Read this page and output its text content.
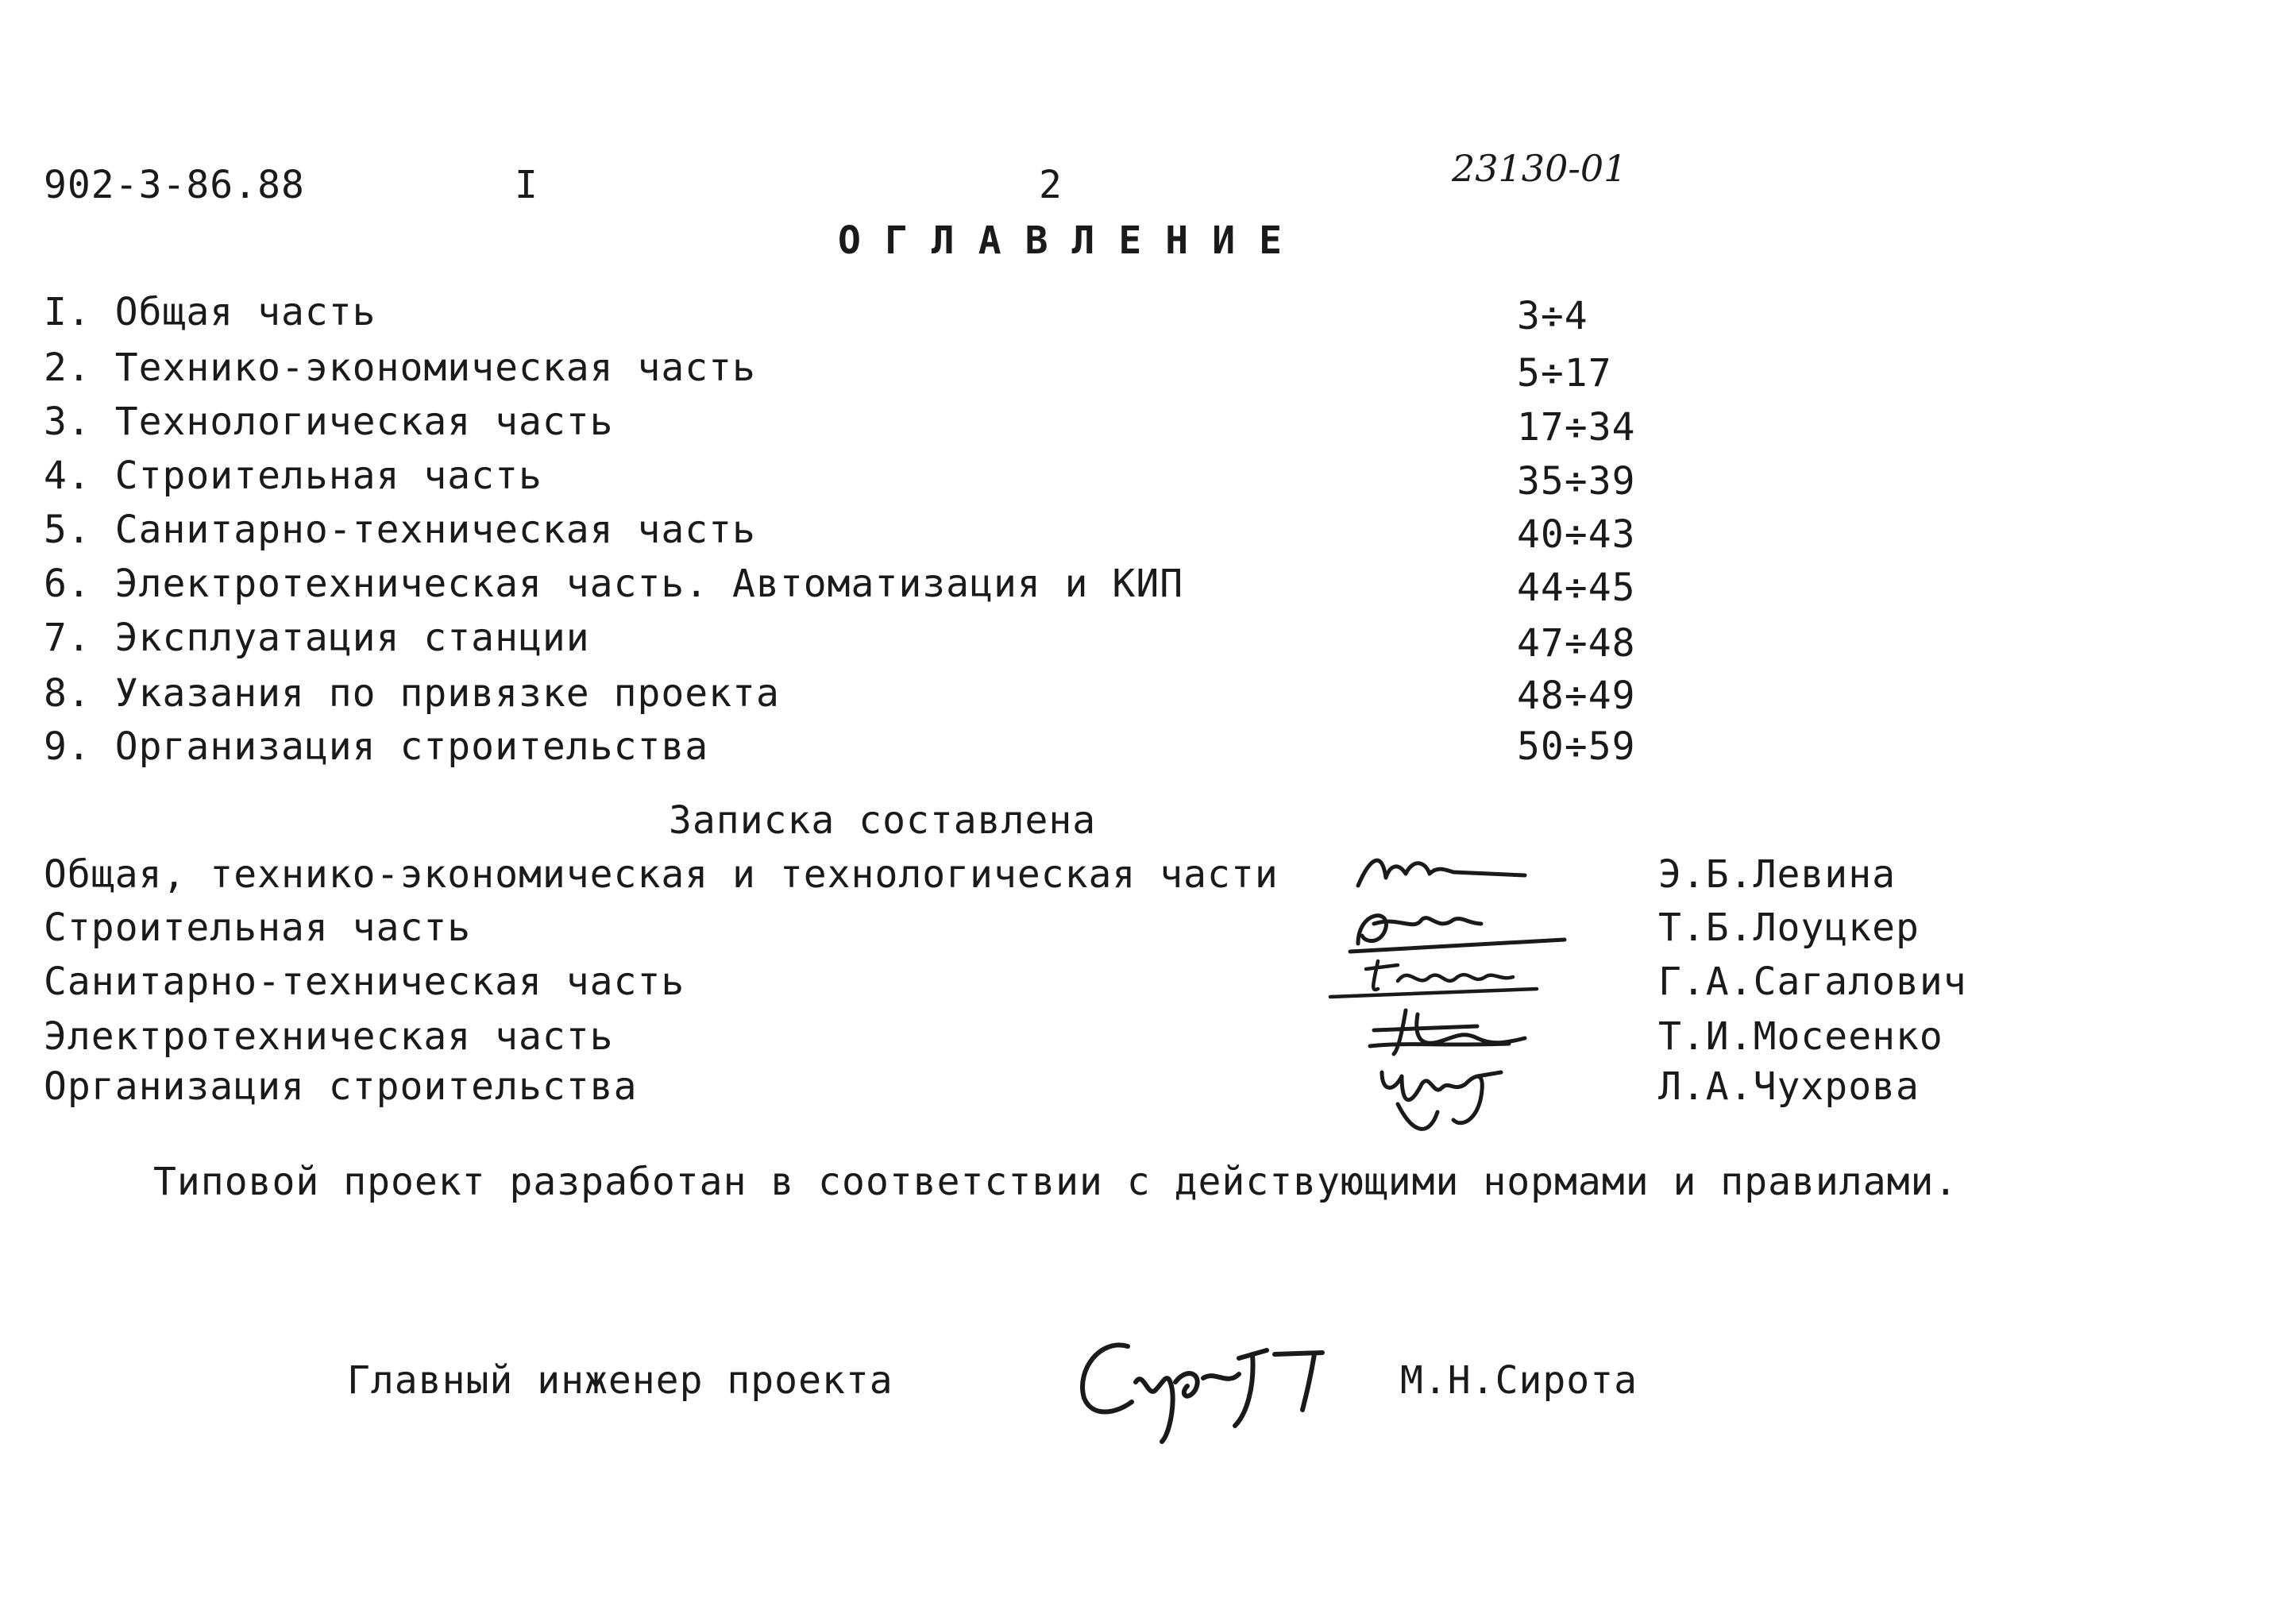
902-3-86.88	I	2	23130-01
ОГЛАВЛЕНИЕ
I. Общая часть	3÷4
2. Технико-экономическая часть	5÷17
3. Технологическая часть	17÷34
4. Строительная часть	35÷39
5. Санитарно-техническая часть	40÷43
6. Электротехническая часть. Автоматизация и КИП	44÷45
7. Эксплуатация станции	47÷48
8. Указания по привязке проекта	48÷49
9. Организация строительства	50÷59
Записка составлена
Общая, технико-экономическая и технологическая части	Э.Б.Левина
Строительная часть	Т.Б.Лоуцкер
Санитарно-техническая часть	Г.А.Сагалович
Электротехническая часть	Т.И.Мосеенко
Организация строительства	Л.А.Чухрова
Типовой проект разработан в соответствии с действующими нормами и правилами.
Главный инженер проекта	М.Н.Сирота
